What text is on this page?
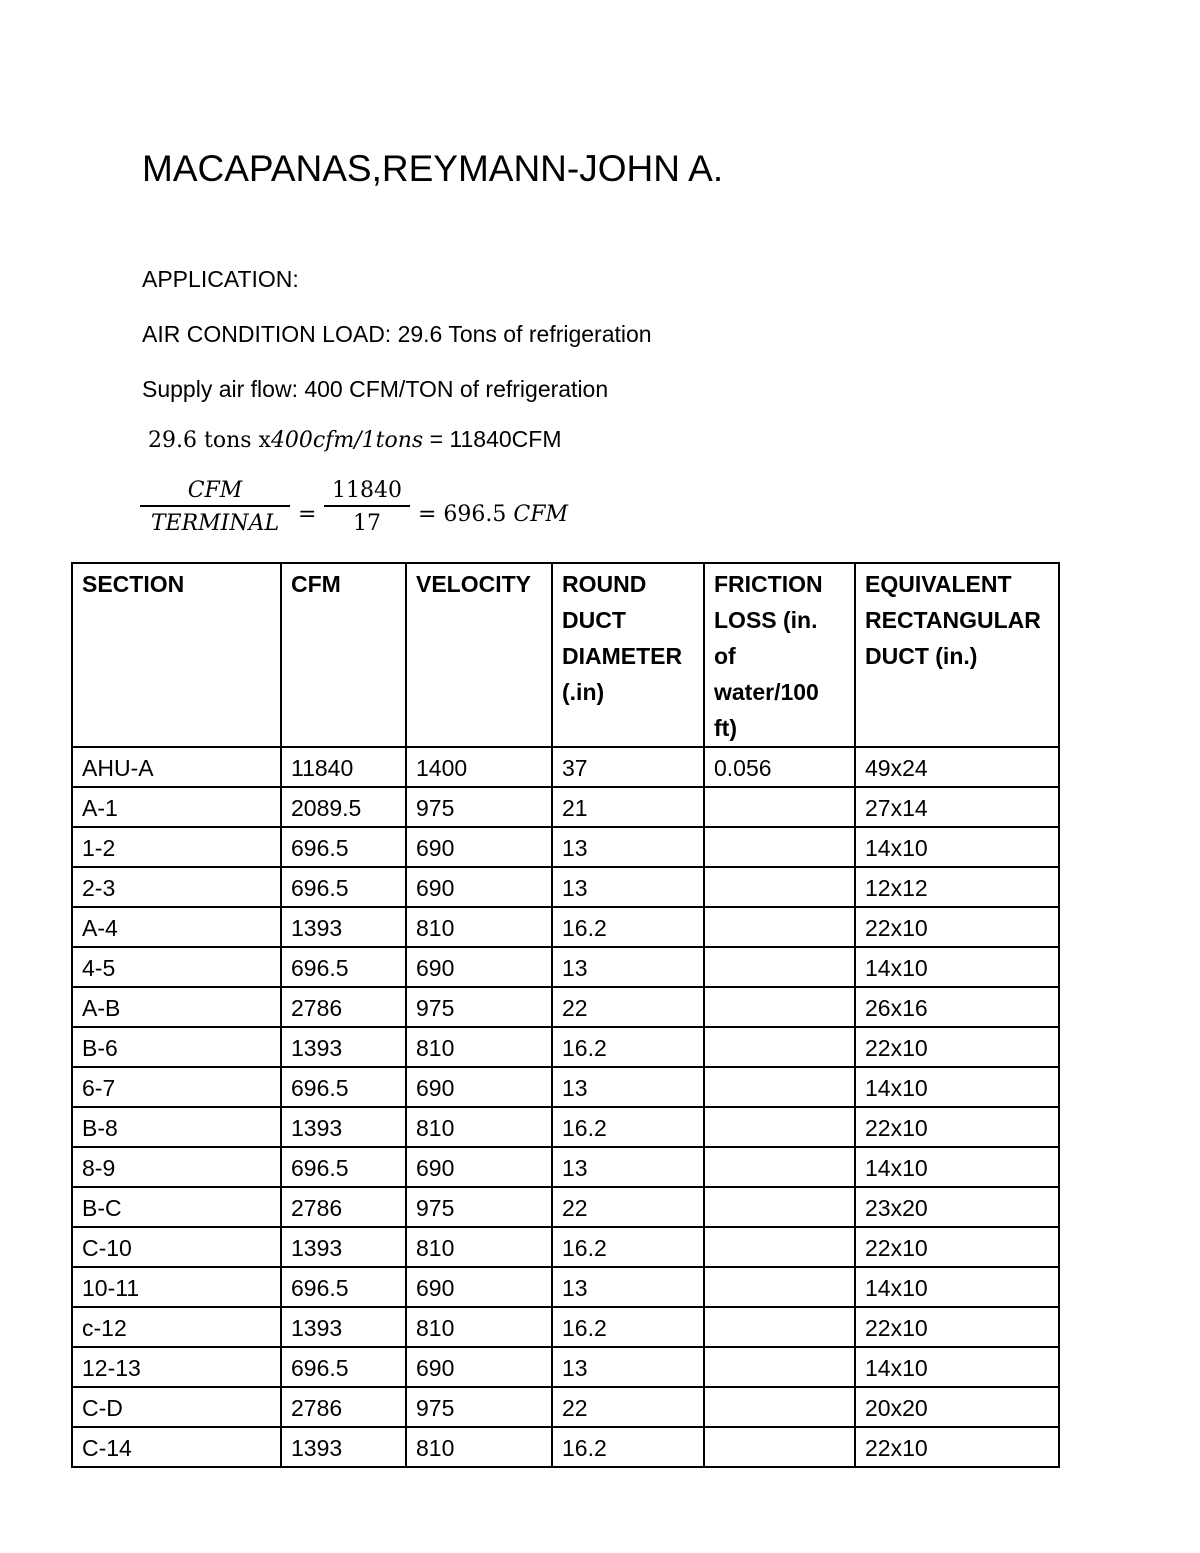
MACAPANAS,REYMANN-JOHN A.
APPLICATION:
AIR CONDITION LOAD: 29.6 Tons of refrigeration
Supply air flow: 400 CFM/TON of refrigeration
29.6 tons x400cfm/1tons = 11840CFM
CFM
TERMINAL = $\frac{11840}{17} = 696.5$ CFM
SECTION	CFM	VELOCITY	ROUND DUCT DIAMETER (.in)	FRICTION LOSS (in. of water/100 ft)	EQUIVALENT RECTANGULAR DUCT (in.)
AHU-A	11840	1400	37	0.056	49x24
A-1	2089.5	975	21		27x14
1-2	696.5	690	13		14x10
2-3	696.5	690	13		12x12
A-4	1393	810	16.2		22x10
4-5	696.5	690	13		14x10
A-B	2786	975	22		26x16
B-6	1393	810	16.2		22x10
6-7	696.5	690	13		14x10
B-8	1393	810	16.2		22x10
8-9	696.5	690	13		14x10
B-C	2786	975	22		23x20
C-10	1393	810	16.2		22x10
10-11	696.5	690	13		14x10
c-12	1393	810	16.2		22x10
12-13	696.5	690	13		14x10
C-D	2786	975	22		20x20
C-14	1393	810	16.2		22x10
